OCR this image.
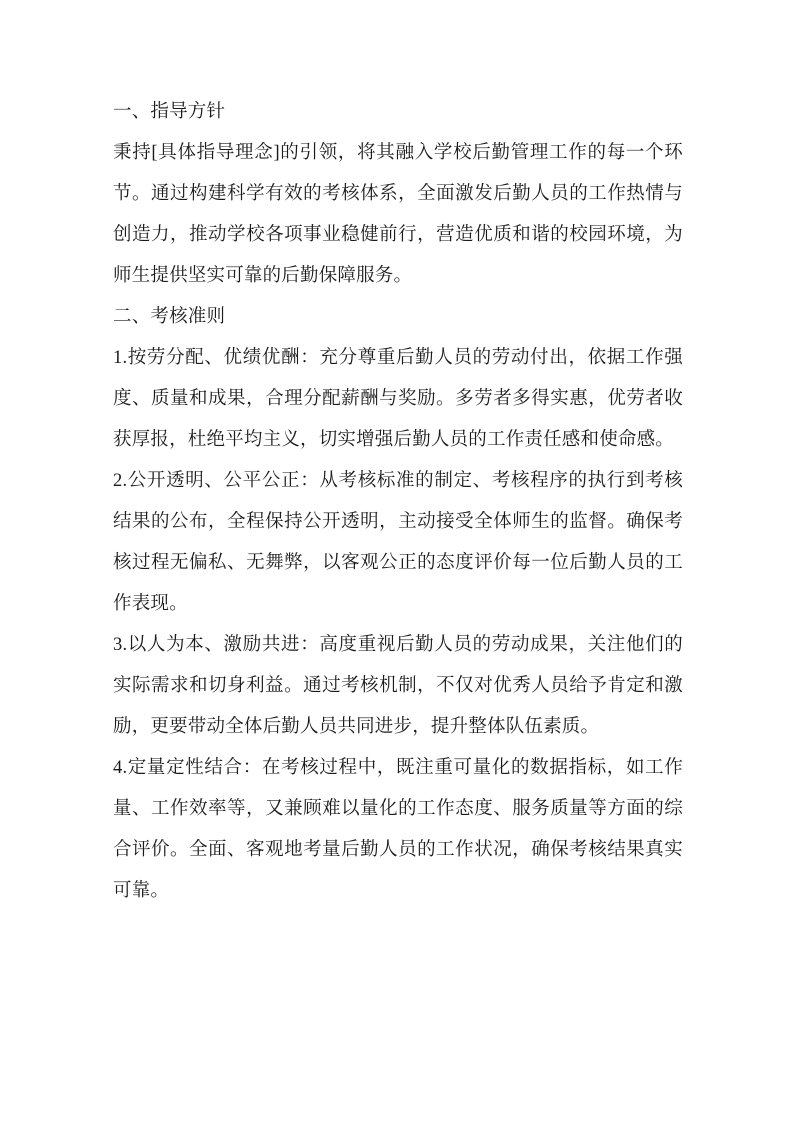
一、指导方针

秉持[具体指导理念]的引领，将其融入学校后勤管理工作的每一个环节。通过构建科学有效的考核体系，全面激发后勤人员的工作热情与创造力，推动学校各项事业稳健前行，营造优质和谐的校园环境，为师生提供坚实可靠的后勤保障服务。

二、考核准则

1.按劳分配、优绩优酬：充分尊重后勤人员的劳动付出，依据工作强度、质量和成果，合理分配薪酬与奖励。多劳者多得实惠，优劳者收获厚报，杜绝平均主义，切实增强后勤人员的工作责任感和使命感。

2.公开透明、公平公正：从考核标准的制定、考核程序的执行到考核结果的公布，全程保持公开透明，主动接受全体师生的监督。确保考核过程无偏私、无舞弊，以客观公正的态度评价每一位后勤人员的工作表现。

3.以人为本、激励共进：高度重视后勤人员的劳动成果，关注他们的实际需求和切身利益。通过考核机制，不仅对优秀人员给予肯定和激励，更要带动全体后勤人员共同进步，提升整体队伍素质。

4.定量定性结合：在考核过程中，既注重可量化的数据指标，如工作量、工作效率等，又兼顾难以量化的工作态度、服务质量等方面的综合评价。全面、客观地考量后勤人员的工作状况，确保考核结果真实可靠。
